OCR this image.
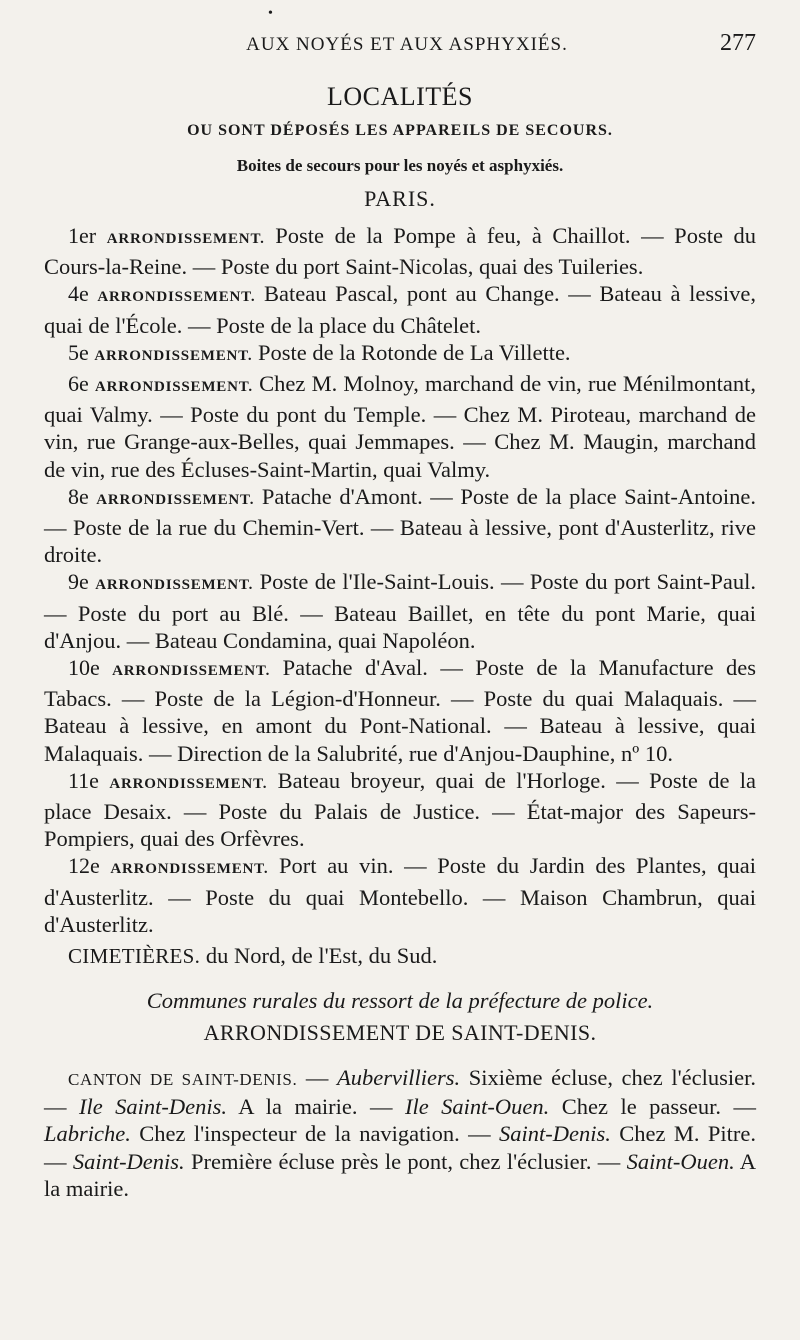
•
AUX NOYÉS ET AUX ASPHYXIÉS.	277
LOCALITÉS
OU SONT DÉPOSÉS LES APPAREILS DE SECOURS.
Boites de secours pour les noyés et asphyxiés.
PARIS.

1er ARRONDISSEMENT. Poste de la Pompe à feu, à Chaillot. — Poste du Cours-la-Reine. — Poste du port Saint-Nicolas, quai des Tuileries.

4e ARRONDISSEMENT. Bateau Pascal, pont au Change. — Bateau à lessive, quai de l'École. — Poste de la place du Châtelet.

5e ARRONDISSEMENT. Poste de la Rotonde de La Villette.

6e ARRONDISSEMENT. Chez M. Molnoy, marchand de vin, rue Ménilmontant, quai Valmy. — Poste du pont du Temple. — Chez M. Piroteau, marchand de vin, rue Grange-aux-Belles, quai Jemmapes. — Chez M. Maugin, marchand de vin, rue des Écluses-Saint-Martin, quai Valmy.

8e ARRONDISSEMENT. Patache d'Amont. — Poste de la place Saint-Antoine. — Poste de la rue du Chemin-Vert. — Bateau à lessive, pont d'Austerlitz, rive droite.

9e ARRONDISSEMENT. Poste de l'Ile-Saint-Louis. — Poste du port Saint-Paul. — Poste du port au Blé. — Bateau Baillet, en tête du pont Marie, quai d'Anjou. — Bateau Condamina, quai Napoléon.

10e ARRONDISSEMENT. Patache d'Aval. — Poste de la Manufacture des Tabacs. — Poste de la Légion-d'Honneur. — Poste du quai Malaquais. — Bateau à lessive, en amont du Pont-National. — Bateau à lessive, quai Malaquais. — Direction de la Salubrité, rue d'Anjou-Dauphine, nº 10.

11e ARRONDISSEMENT. Bateau broyeur, quai de l'Horloge. — Poste de la place Desaix. — Poste du Palais de Justice. — État-major des Sapeurs-Pompiers, quai des Orfèvres.

12e ARRONDISSEMENT. Port au vin. — Poste du Jardin des Plantes, quai d'Austerlitz. — Poste du quai Montebello. — Maison Chambrun, quai d'Austerlitz.

CIMETIÈRES. du Nord, de l'Est, du Sud.
Communes rurales du ressort de la préfecture de police.
ARRONDISSEMENT DE SAINT-DENIS.

CANTON DE SAINT-DENIS. — Aubervilliers. Sixième écluse, chez l'éclusier. — Ile Saint-Denis. A la mairie. — Ile Saint-Ouen. Chez le passeur. — Labriche. Chez l'inspecteur de la navigation. — Saint-Denis. Chez M. Pitre. — Saint-Denis. Première écluse près le pont, chez l'éclusier. — Saint-Ouen. A la mairie.
